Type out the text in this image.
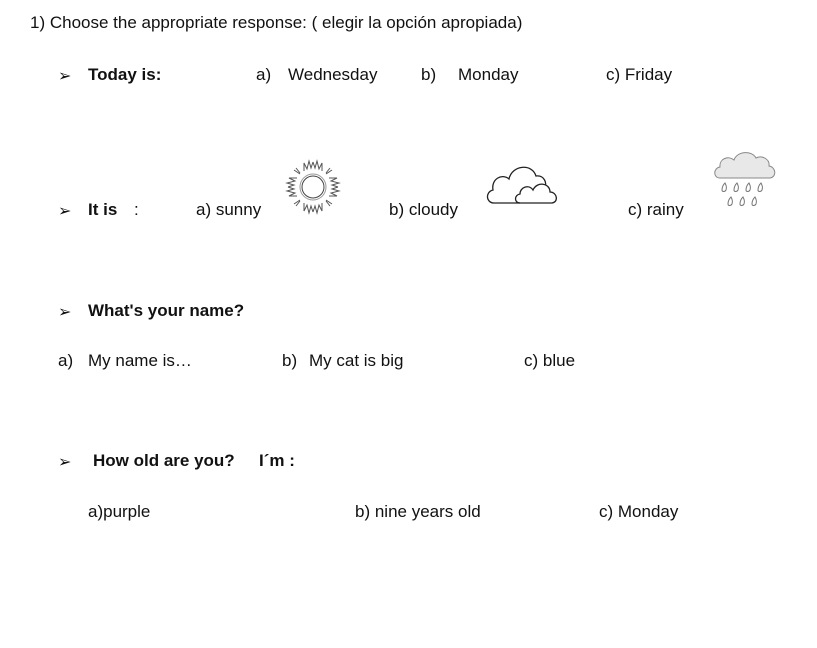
1) Choose the appropriate response: ( elegir la opción apropiada)
➢ Today is:	a) Wednesday	b) Monday	c) Friday
➢ It is :	a) sunny	b) cloudy	c) rainy
➢ What's your name?
a) My name is…	b) My cat is big	c) blue
➢ How old are you? I´m :
a)purple	b) nine years old	c) Monday
